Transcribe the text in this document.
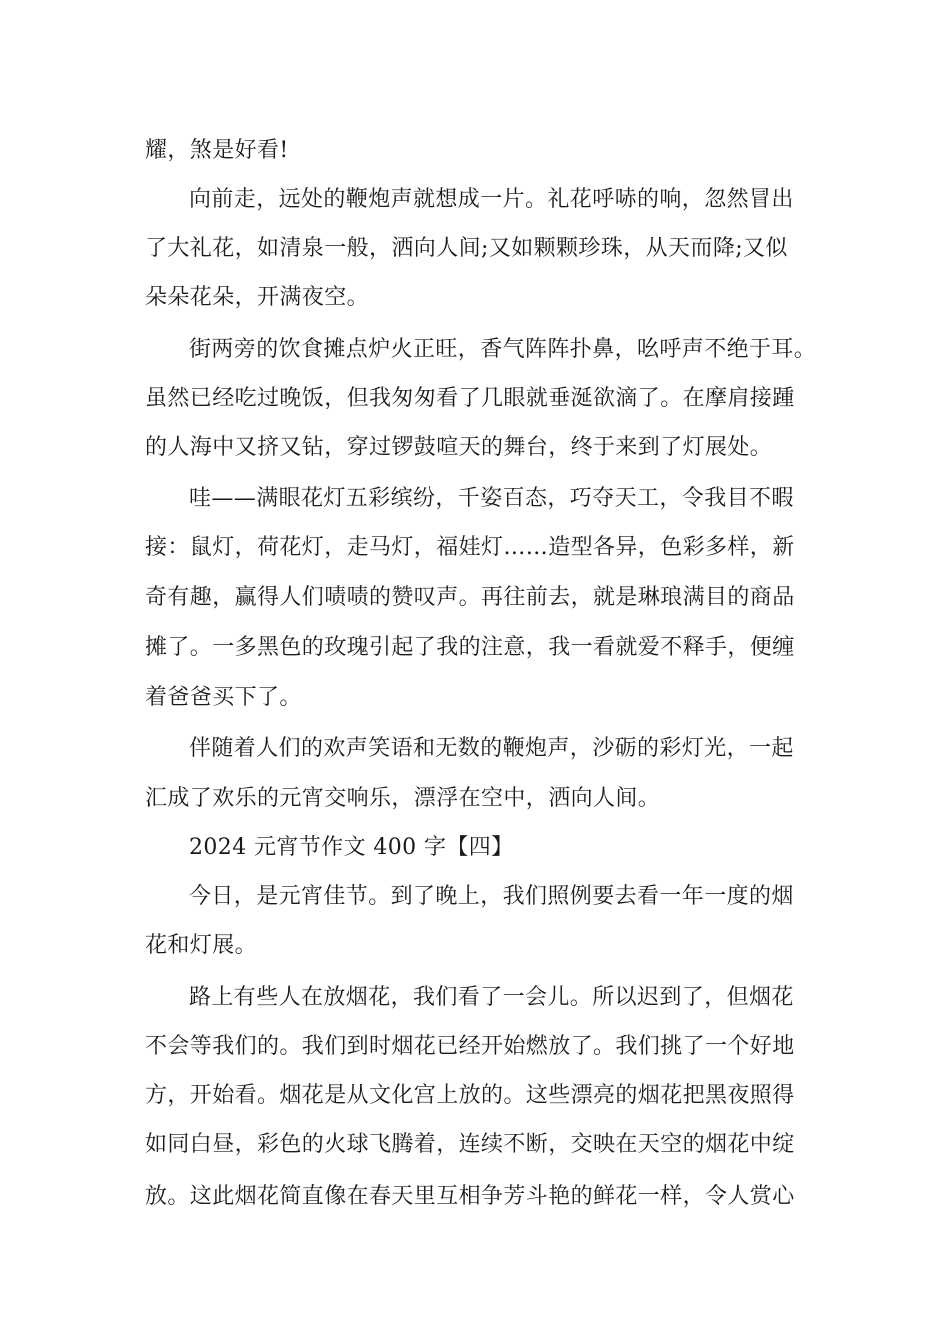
耀，煞是好看!
向前走，远处的鞭炮声就想成一片。礼花呼哧的响，忽然冒出
了大礼花，如清泉一般，洒向人间;又如颗颗珍珠，从天而降;又似
朵朵花朵，开满夜空。
街两旁的饮食摊点炉火正旺，香气阵阵扑鼻，吆呼声不绝于耳。
虽然已经吃过晚饭，但我匆匆看了几眼就垂涎欲滴了。在摩肩接踵
的人海中又挤又钻，穿过锣鼓喧天的舞台，终于来到了灯展处。
哇——满眼花灯五彩缤纷，千姿百态，巧夺天工，令我目不暇
接：鼠灯，荷花灯，走马灯，福娃灯……造型各异，色彩多样，新
奇有趣，赢得人们啧啧的赞叹声。再往前去，就是琳琅满目的商品
摊了。一多黑色的玫瑰引起了我的注意，我一看就爱不释手，便缠
着爸爸买下了。
伴随着人们的欢声笑语和无数的鞭炮声，沙砺的彩灯光，一起
汇成了欢乐的元宵交响乐，漂浮在空中，洒向人间。
2024 元宵节作文 400 字【四】
今日，是元宵佳节。到了晚上，我们照例要去看一年一度的烟
花和灯展。
路上有些人在放烟花，我们看了一会儿。所以迟到了，但烟花
不会等我们的。我们到时烟花已经开始燃放了。我们挑了一个好地
方，开始看。烟花是从文化宫上放的。这些漂亮的烟花把黑夜照得
如同白昼，彩色的火球飞腾着，连续不断，交映在天空的烟花中绽
放。这此烟花简直像在春天里互相争芳斗艳的鲜花一样，令人赏心
